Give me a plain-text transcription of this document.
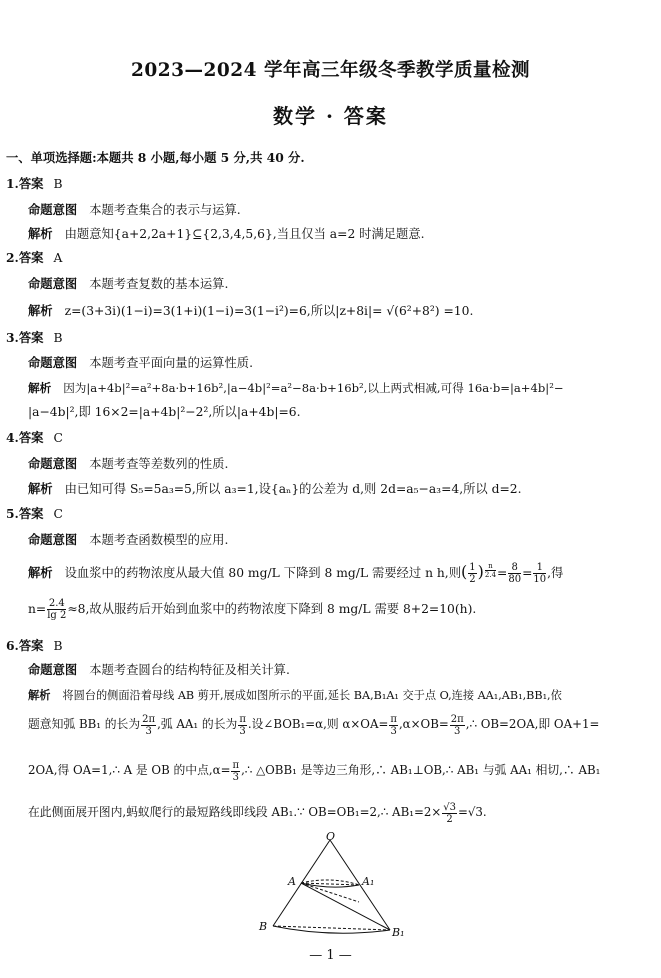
2023—2024 学年高三年级冬季教学质量检测
数学 · 答案
一、单项选择题:本题共 8 小题,每小题 5 分,共 40 分.
1.答案 B
命题意图 本题考查集合的表示与运算.
解析 由题意知{a+2,2a+1}⊆{2,3,4,5,6},当且仅当 a=2 时满足题意.
2.答案 A
命题意图 本题考查复数的基本运算.
解析 z=(3+3i)(1−i)=3(1+i)(1−i)=3(1−i²)=6,所以|z+8i|= √(6²+8²) =10.
3.答案 B
命题意图 本题考查平面向量的运算性质.
解析 因为|a+4b|²=a²+8a·b+16b²,|a−4b|²=a²−8a·b+16b²,以上两式相减,可得 16a·b=|a+4b|²−
|a−4b|²,即 16×2=|a+4b|²−2²,所以|a+4b|=6.
4.答案 C
命题意图 本题考查等差数列的性质.
解析 由已知可得 S₅=5a₃=5,所以 a₃=1,设{aₙ}的公差为 d,则 2d=a₅−a₃=4,所以 d=2.
5.答案 C
命题意图 本题考查函数模型的应用.
解析 设血浆中的药物浓度从最大值 80 mg/L 下降到 8 mg/L 需要经过 n h,则( $\frac{1}{2}$ ) $^{\frac{n}{2.4}} = \frac{8}{80} = \frac{1}{10}$ ,得
$n= \frac{2.4}{\lg 2} \approx 8$,故从服药后开始到血浆中的药物浓度下降到 8 mg/L 需要 8+2=10(h).
6.答案 B
命题意图 本题考查圆台的结构特征及相关计算.
解析 将圆台的侧面沿着母线 AB 剪开,展成如图所示的平面,延长 BA,B₁A₁ 交于点 O,连接 AA₁,AB₁,BB₁,依
题意知弧 BB₁ 的长为 $\frac{2\pi}{3}$ ,弧 AA₁ 的长为 $\frac{\pi}{3}$ .设∠BOB₁=α,则 $\alpha\times OA= \frac{\pi}{3} ,\alpha\times OB= \frac{2\pi}{3}$ ,∴ OB=2OA,即 OA+1=
2OA,得 OA=1,∴ A 是 OB 的中点$,\alpha= \frac{\pi}{3}$ ,∴ △OBB₁ 是等边三角形,∴ AB₁⊥OB,∴ AB₁ 与弧 AA₁ 相切,∴ AB₁
在此侧面展开图内,蚂蚁爬行的最短路线即线段 AB₁.∵ OB=OB₁=2,∴ $AB_1=2\times \frac{√3}{2} =√3$.
O
A	A₁
B	B₁
— 1 —
